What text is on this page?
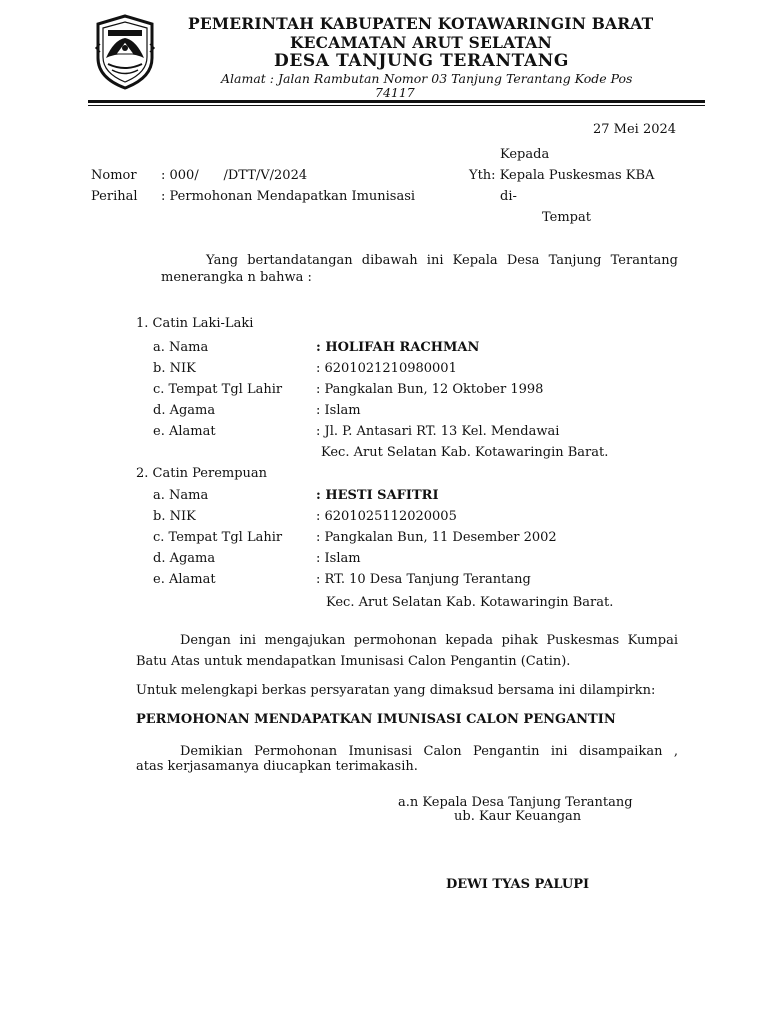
PEMERINTAH KABUPATEN KOTAWARINGIN BARAT
KECAMATAN ARUT SELATAN
DESA TANJUNG TERANTANG
Alamat : Jalan Rambutan Nomor 03 Tanjung Terantang Kode Pos
74117
27 Mei 2024
Kepada
Yth: Kepala Puskesmas KBA
di-
Tempat
Nomor : 000/      /DTT/V/2024
Perihal : Permohonan Mendapatkan Imunisasi
Yang bertandatangan dibawah ini Kepala Desa Tanjung Terantang
menerangka n bahwa :
1. Catin Laki-Laki
a. Nama	: HOLIFAH RACHMAN
b. NIK	: 6201021210980001
c. Tempat Tgl Lahir	: Pangkalan Bun, 12 Oktober 1998
d. Agama	: Islam
e. Alamat	: Jl. P. Antasari RT. 13 Kel. Mendawai
Kec. Arut Selatan Kab. Kotawaringin Barat.
2. Catin Perempuan
a. Nama	: HESTI SAFITRI
b. NIK	: 6201025112020005
c. Tempat Tgl Lahir	: Pangkalan Bun, 11 Desember 2002
d. Agama	: Islam
e. Alamat	: RT. 10 Desa Tanjung Terantang
Kec. Arut Selatan Kab. Kotawaringin Barat.
Dengan ini mengajukan permohonan kepada pihak Puskesmas Kumpai
Batu Atas untuk mendapatkan Imunisasi Calon Pengantin (Catin).
Untuk melengkapi berkas persyaratan yang dimaksud bersama ini dilampirkn:
PERMOHONAN MENDAPATKAN IMUNISASI CALON PENGANTIN
Demikian Permohonan Imunisasi Calon Pengantin ini disampaikan ,
atas kerjasamanya diucapkan terimakasih.
a.n Kepala Desa Tanjung Terantang
ub. Kaur Keuangan
DEWI TYAS PALUPI
